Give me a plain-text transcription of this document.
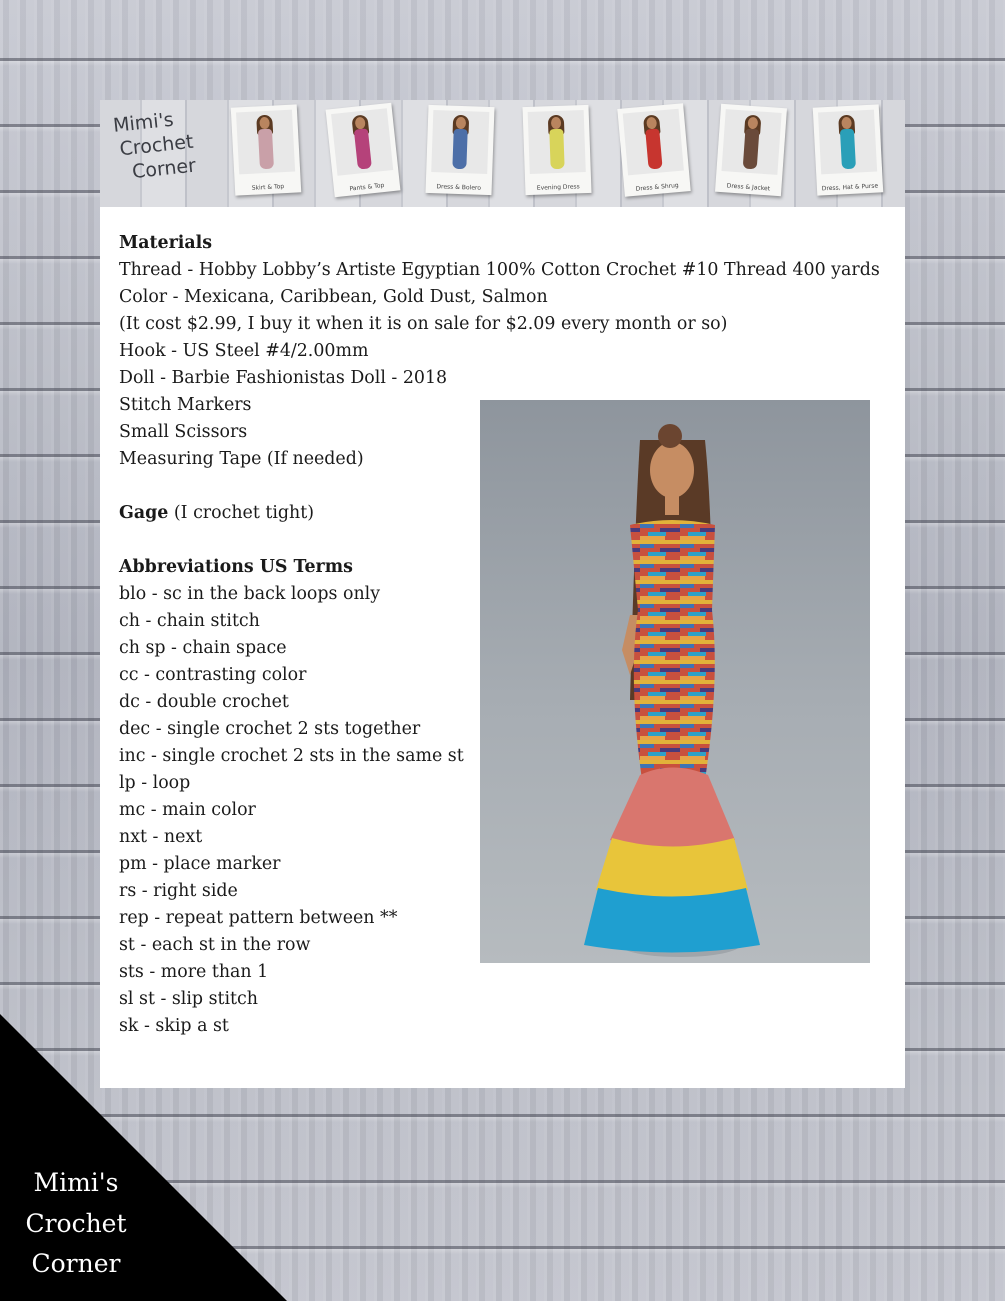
Mimi's
Crochet
Corner
Skirt & Top	Pants & Top	Dress & Bolero	Evening Dress	Dress & Shrug	Dress & Jacket	Dress, Hat & Purse
Materials
Thread - Hobby Lobby’s Artiste Egyptian 100% Cotton Crochet #10 Thread 400 yards
Color - Mexicana, Caribbean, Gold Dust, Salmon
(It cost $2.99, I buy it when it is on sale for $2.09 every month or so)
Hook - US Steel #4/2.00mm
Doll - Barbie Fashionistas Doll - 2018
Stitch Markers
Small Scissors
Measuring Tape (If needed)
Gage (I crochet tight)
Abbreviations US Terms
blo - sc in the back loops only
ch - chain stitch
ch sp - chain space
cc - contrasting color
dc - double crochet
dec - single crochet 2 sts together
inc - single crochet 2 sts in the same st
lp - loop
mc - main color
nxt - next
pm - place marker
rs - right side
rep - repeat pattern between **
st - each st in the row
sts - more than 1
sl st - slip stitch
sk - skip a st
Mimi's
Crochet
Corner
